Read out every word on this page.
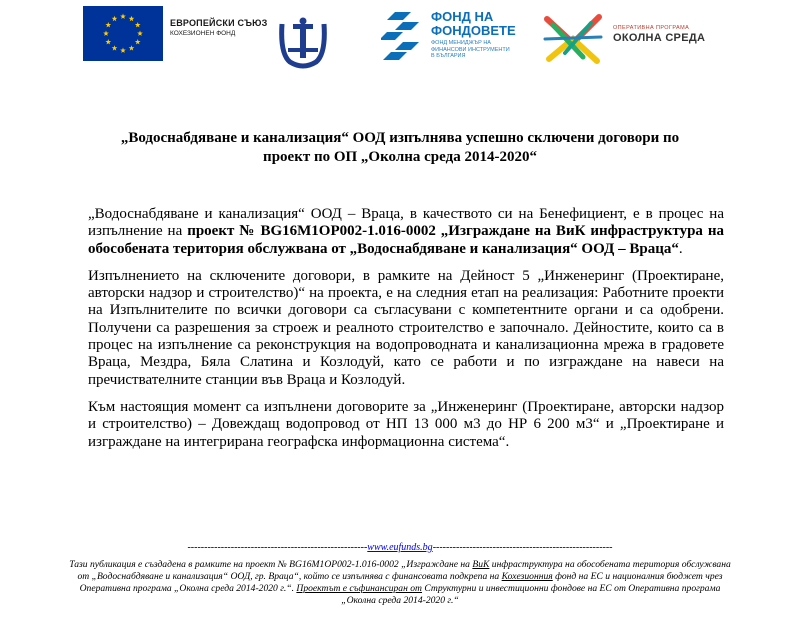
ЕВРОПЕЙСКИ СЪЮЗ
КОХЕЗИОНЕН ФОНД
ФОНД НА
ФОНДОВЕТЕ
ФОНД МЕНИДЖЪР НА ФИНАНСОВИ ИНСТРУМЕНТИ В БЪЛГАРИЯ
ОПЕРАТИВНА ПРОГРАМА
ОКОЛНА СРЕДА
„Водоснабдяване и канализация“ ООД изпълнява успешно сключени договори по
проект по ОП „Околна среда 2014-2020“

„Водоснабдяване и канализация“ ООД – Враца, в качеството си на Бенефициент, е в процес на изпълнение на проект № BG16M1OP002-1.016-0002 „Изграждане на ВиК инфраструктура на обособената територия обслужвана от „Водоснабдяване и канализация“ ООД – Враца“.

Изпълнението на сключените договори, в рамките на Дейност 5 „Инженеринг (Проектиране, авторски надзор и строителство)“ на проекта, е на следния етап на реализация: Работните проекти на Изпълнителите по всички договори са съгласувани с компетентните органи и са одобрени. Получени са разрешения за строеж и реалното строителство е започнало. Дейностите, които са в процес на изпълнение са реконструкция на водопроводната и канализационна мрежа в градовете Враца, Мездра, Бяла Слатина и Козлодуй, като се работи и по изграждане на навеси на пречиствателните станции във Враца и Козлодуй.

Към настоящия момент са изпълнени договорите за „Инженеринг (Проектиране, авторски надзор и строителство) – Довеждащ водопровод от НП 13 000 м3 до НР 6 200 м3“ и „Проектиране и изграждане на интегрирана географска информационна система“.

------------------------------------------------------www.eufunds.bg------------------------------------------------------
Тази публикация е създадена в рамките на проект № BG16M1OP002-1.016-0002 „Изграждане на ВиК инфраструктура на обособената територия обслужвана от „Водоснабдяване и канализация“ ООД, гр. Враца“, който се изпълнява с финансовата подкрепа на Кохезионния фонд на ЕС и националния бюджет чрез Оперативна програма „Околна среда 2014-2020 г.“. Проектът е съфинансиран от Структурни и инвестиционни фондове на ЕС от Оперативна програма „Околна среда 2014-2020 г.“
